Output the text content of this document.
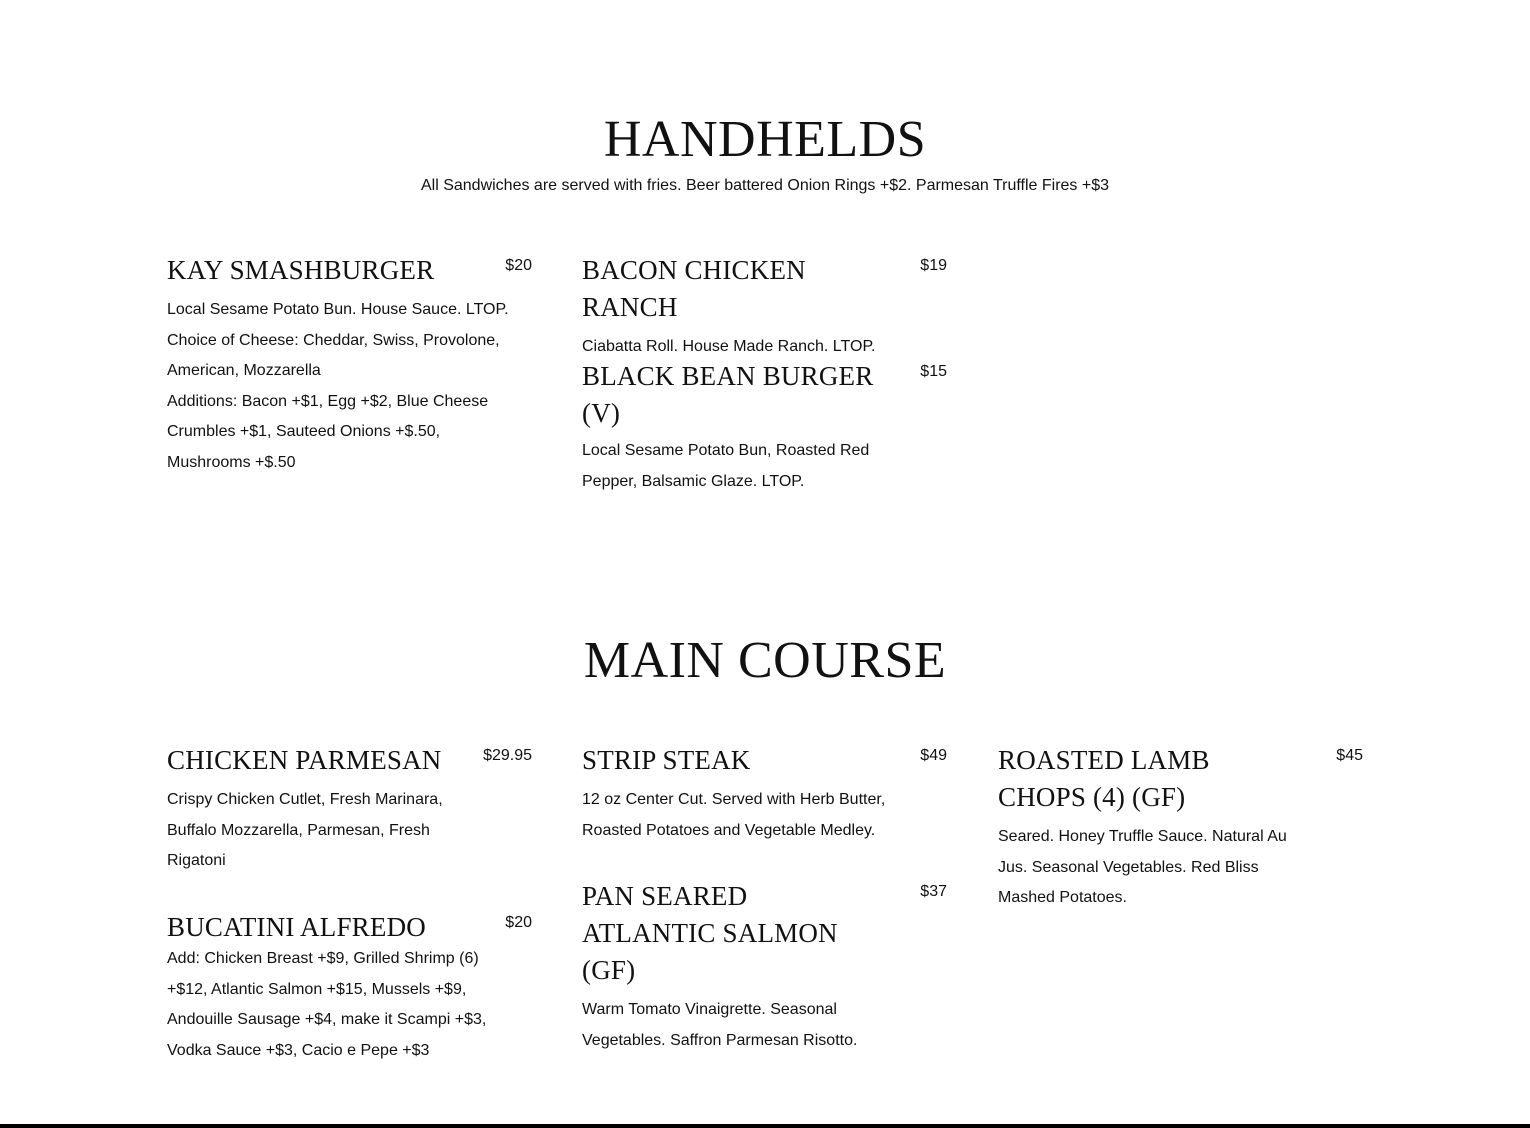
HANDHELDS

All Sandwiches are served with fries. Beer battered Onion Rings +$2. Parmesan Truffle Fires +$3

KAY SMASHBURGER	$20

Local Sesame Potato Bun. House Sauce. LTOP.

Choice of Cheese: Cheddar, Swiss, Provolone, American, Mozzarella

Additions: Bacon +$1, Egg +$2, Blue Cheese Crumbles +$1, Sauteed Onions +$.50, Mushrooms +$.50

BACON CHICKEN RANCH
$19

Ciabatta Roll. House Made Ranch. LTOP.

BLACK BEAN BURGER (V)
$15

Local Sesame Potato Bun, Roasted Red Pepper, Balsamic Glaze. LTOP.

MAIN COURSE
CHICKEN PARMESAN	$29.95

Crispy Chicken Cutlet, Fresh Marinara, Buffalo Mozzarella, Parmesan, Fresh Rigatoni

BUCATINI ALFREDO	$20

Add: Chicken Breast +$9, Grilled Shrimp (6) +$12, Atlantic Salmon +$15, Mussels +$9, Andouille Sausage +$4, make it Scampi +$3, Vodka Sauce +$3, Cacio e Pepe +$3

STRIP STEAK	$49

12 oz Center Cut. Served with Herb Butter, Roasted Potatoes and Vegetable Medley.

PAN SEARED ATLANTIC SALMON (GF)
$37

Warm Tomato Vinaigrette. Seasonal Vegetables. Saffron Parmesan Risotto.

ROASTED LAMB CHOPS (4) (GF)
$45

Seared. Honey Truffle Sauce. Natural Au Jus. Seasonal Vegetables. Red Bliss Mashed Potatoes.
